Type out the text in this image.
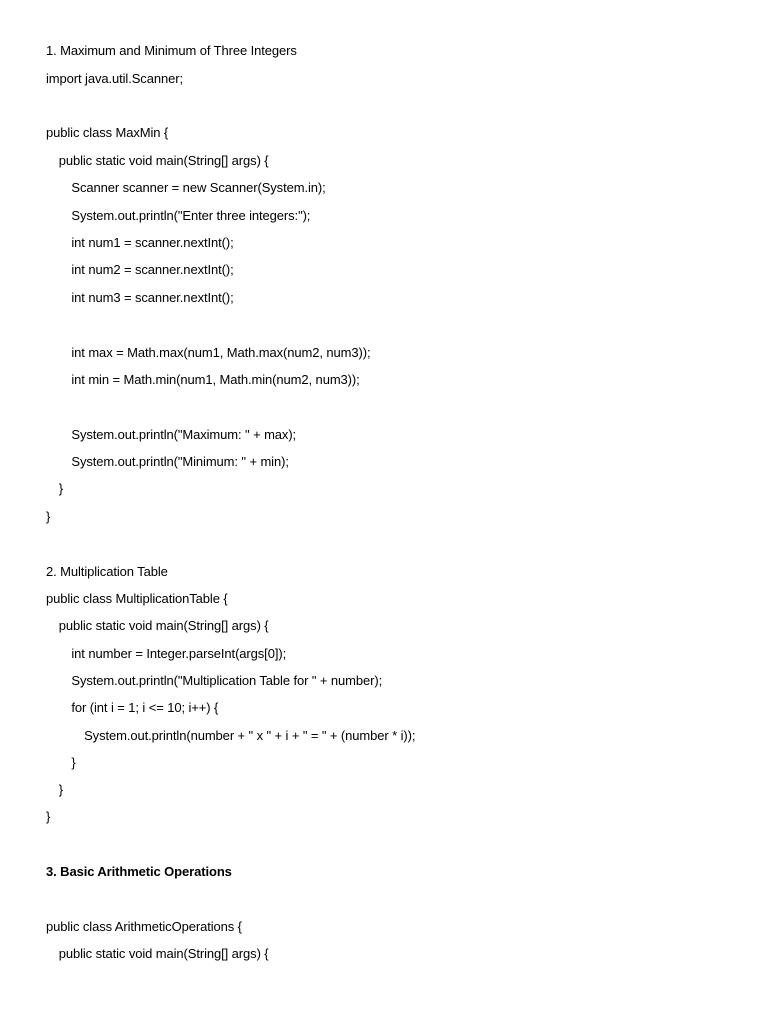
1. Maximum and Minimum of Three Integers
import java.util.Scanner;
public class MaxMin {
public static void main(String[] args) {
Scanner scanner = new Scanner(System.in);
System.out.println("Enter three integers:");
int num1 = scanner.nextInt();
int num2 = scanner.nextInt();
int num3 = scanner.nextInt();
int max = Math.max(num1, Math.max(num2, num3));
int min = Math.min(num1, Math.min(num2, num3));
System.out.println("Maximum: " + max);
System.out.println("Minimum: " + min);
}
}
2. Multiplication Table
public class MultiplicationTable {
public static void main(String[] args) {
int number = Integer.parseInt(args[0]);
System.out.println("Multiplication Table for " + number);
for (int i = 1; i <= 10; i++) {
System.out.println(number + " x " + i + " = " + (number * i));
}
}
}
3. Basic Arithmetic Operations
public class ArithmeticOperations {
public static void main(String[] args) {
